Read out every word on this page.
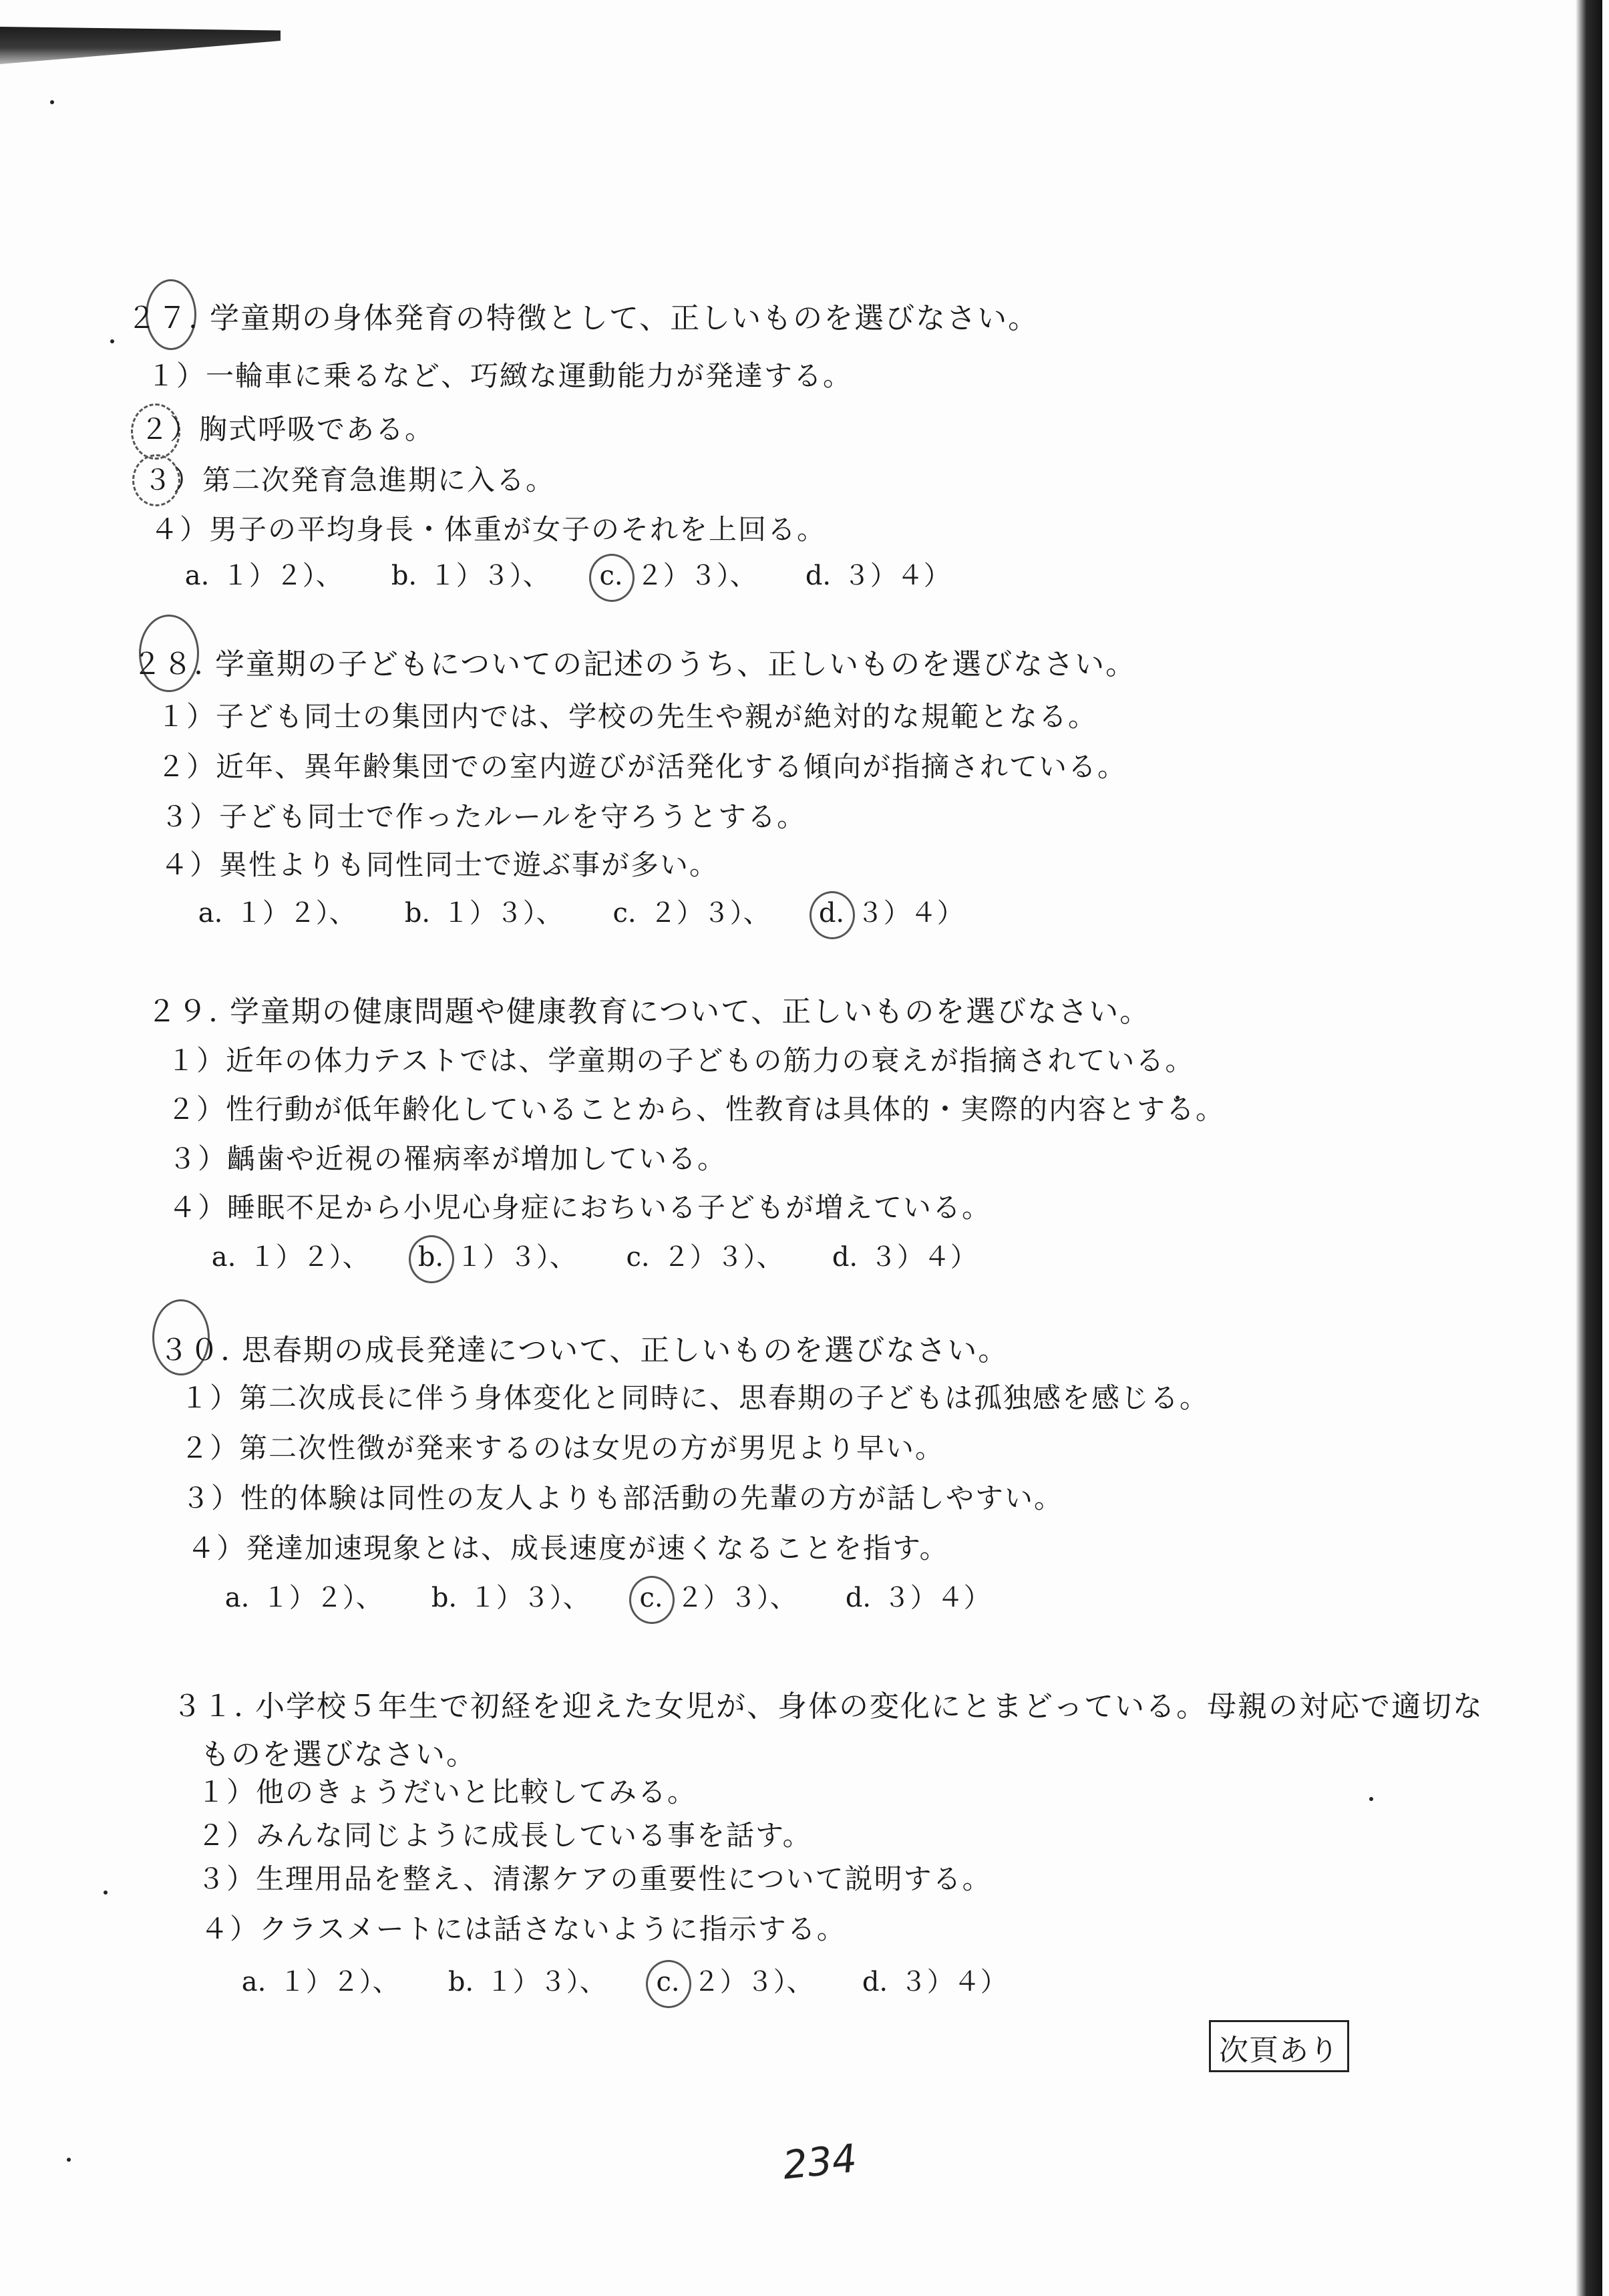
２７. 学童期の身体発育の特徴として、正しいものを選びなさい。
１）一輪車に乗るなど、巧緻な運動能力が発達する。
２）胸式呼吸である。
３）第二次発育急進期に入る。
４）男子の平均身長・体重が女子のそれを上回る。
a. １）２）、 b. １）３）、 c. ２）３）、 d. ３）４）
２８. 学童期の子どもについての記述のうち、正しいものを選びなさい。
１）子ども同士の集団内では、学校の先生や親が絶対的な規範となる。
２）近年、異年齢集団での室内遊びが活発化する傾向が指摘されている。
３）子ども同士で作ったルールを守ろうとする。
４）異性よりも同性同士で遊ぶ事が多い。
a. １）２）、 b. １）３）、 c. ２）３）、 d. ３）４）
２９. 学童期の健康問題や健康教育について、正しいものを選びなさい。
１）近年の体力テストでは、学童期の子どもの筋力の衰えが指摘されている。
２）性行動が低年齢化していることから、性教育は具体的・実際的内容とする。
３）齲歯や近視の罹病率が増加している。
４）睡眠不足から小児心身症におちいる子どもが増えている。
a. １）２）、 b. １）３）、 c. ２）３）、 d. ３）４）
３０. 思春期の成長発達について、正しいものを選びなさい。
１）第二次成長に伴う身体変化と同時に、思春期の子どもは孤独感を感じる。
２）第二次性徴が発来するのは女児の方が男児より早い。
３）性的体験は同性の友人よりも部活動の先輩の方が話しやすい。
４）発達加速現象とは、成長速度が速くなることを指す。
a. １）２）、 b. １）３）、 c. ２）３）、 d. ３）４）
３１. 小学校５年生で初経を迎えた女児が、身体の変化にとまどっている。母親の対応で適切な
ものを選びなさい。
１）他のきょうだいと比較してみる。
２）みんな同じように成長している事を話す。
３）生理用品を整え、清潔ケアの重要性について説明する。
４）クラスメートには話さないように指示する。
a. １）２）、 b. １）３）、 c. ２）３）、 d. ３）４）
次頁あり
234
